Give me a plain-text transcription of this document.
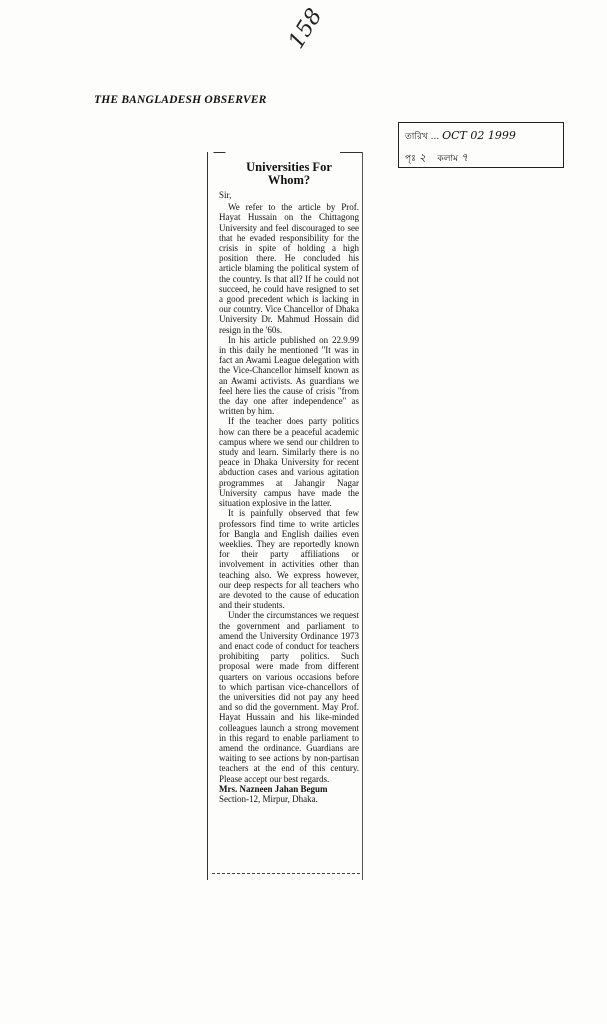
158
THE BANGLADESH OBSERVER
তারিখ ... OCT 02 1999
পৃঃ ২ কলাম ৭
Universities For
Whom?
Sir,

We refer to the article by Prof. Hayat Hussain on the Chittagong University and feel discouraged to see that he evaded responsibility for the crisis in spite of holding a high position there. He concluded his article blaming the political system of the country. Is that all? If he could not succeed, he could have resigned to set a good precedent which is lacking in our country. Vice Chancellor of Dhaka University Dr. Mahmud Hossain did resign in the '60s.

In his article published on 22.9.99 in this daily he mentioned "It was in fact an Awami League delegation with the Vice-Chancellor himself known as an Awami activists. As guardians we feel here lies the cause of crisis "from the day one after independence" as written by him.

If the teacher does party politics how can there be a peaceful academic campus where we send our children to study and learn. Similarly there is no peace in Dhaka University for recent abduction cases and various agitation programmes at Jahangir Nagar University campus have made the situation explosive in the latter.

It is painfully observed that few professors find time to write articles for Bangla and English dailies even weeklies. They are reportedly known for their party affiliations or involvement in activities other than teaching also. We express however, our deep respects for all teachers who are devoted to the cause of education and their students.

Under the circumstances we request the government and parliament to amend the University Ordinance 1973 and enact code of conduct for teachers prohibiting party politics. Such proposal were made from different quarters on various occasions before to which partisan vice-chancellors of the universities did not pay any heed and so did the government. May Prof. Hayat Hussain and his like-minded colleagues launch a strong movement in this regard to enable parliament to amend the ordinance. Guardians are waiting to see actions by non-partisan teachers at the end of this century. Please accept our best regards.

Mrs. Nazneen Jahan Begum

Section-12, Mirpur, Dhaka.
